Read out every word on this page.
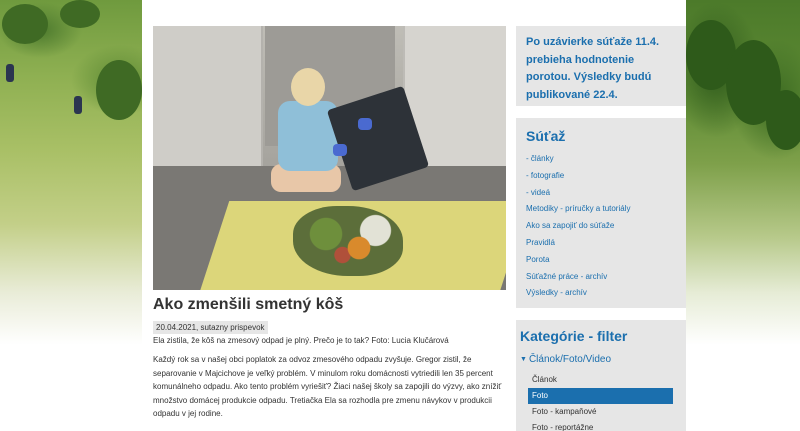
Ako zmenšili smetný kôš
20.04.2021, sutazny prispevok
Ela zistila, že kôš na zmesový odpad je plný. Prečo je to tak? Foto: Lucia Klučárová
Každý rok sa v našej obci poplatok za odvoz zmesového odpadu zvyšuje. Gregor zistil, že separovanie v Majcichove je veľký problém. V minulom roku domácnosti vytriedili len 35 percent komunálneho odpadu. Ako tento problém vyriešiť? Žiaci našej školy sa zapojili do výzvy, ako znížiť množstvo domácej produkcie odpadu. Tretiačka Ela sa rozhodla pre zmenu návykov v produkcii odpadu v jej rodine.

Po uzávierke súťaže 11.4. prebieha hodnotenie porotou. Výsledky budú publikované 22.4.

Súťaž
- články
- fotografie
- videá
Metodiky - príručky a tutoriály
Ako sa zapojiť do súťaže
Pravidlá
Porota
Súťažné práce - archív
Výsledky - archív
Kategórie - filter
▼ Článok/Foto/Video
Článok
Foto
Foto - kampaňové
Foto - reportážne
